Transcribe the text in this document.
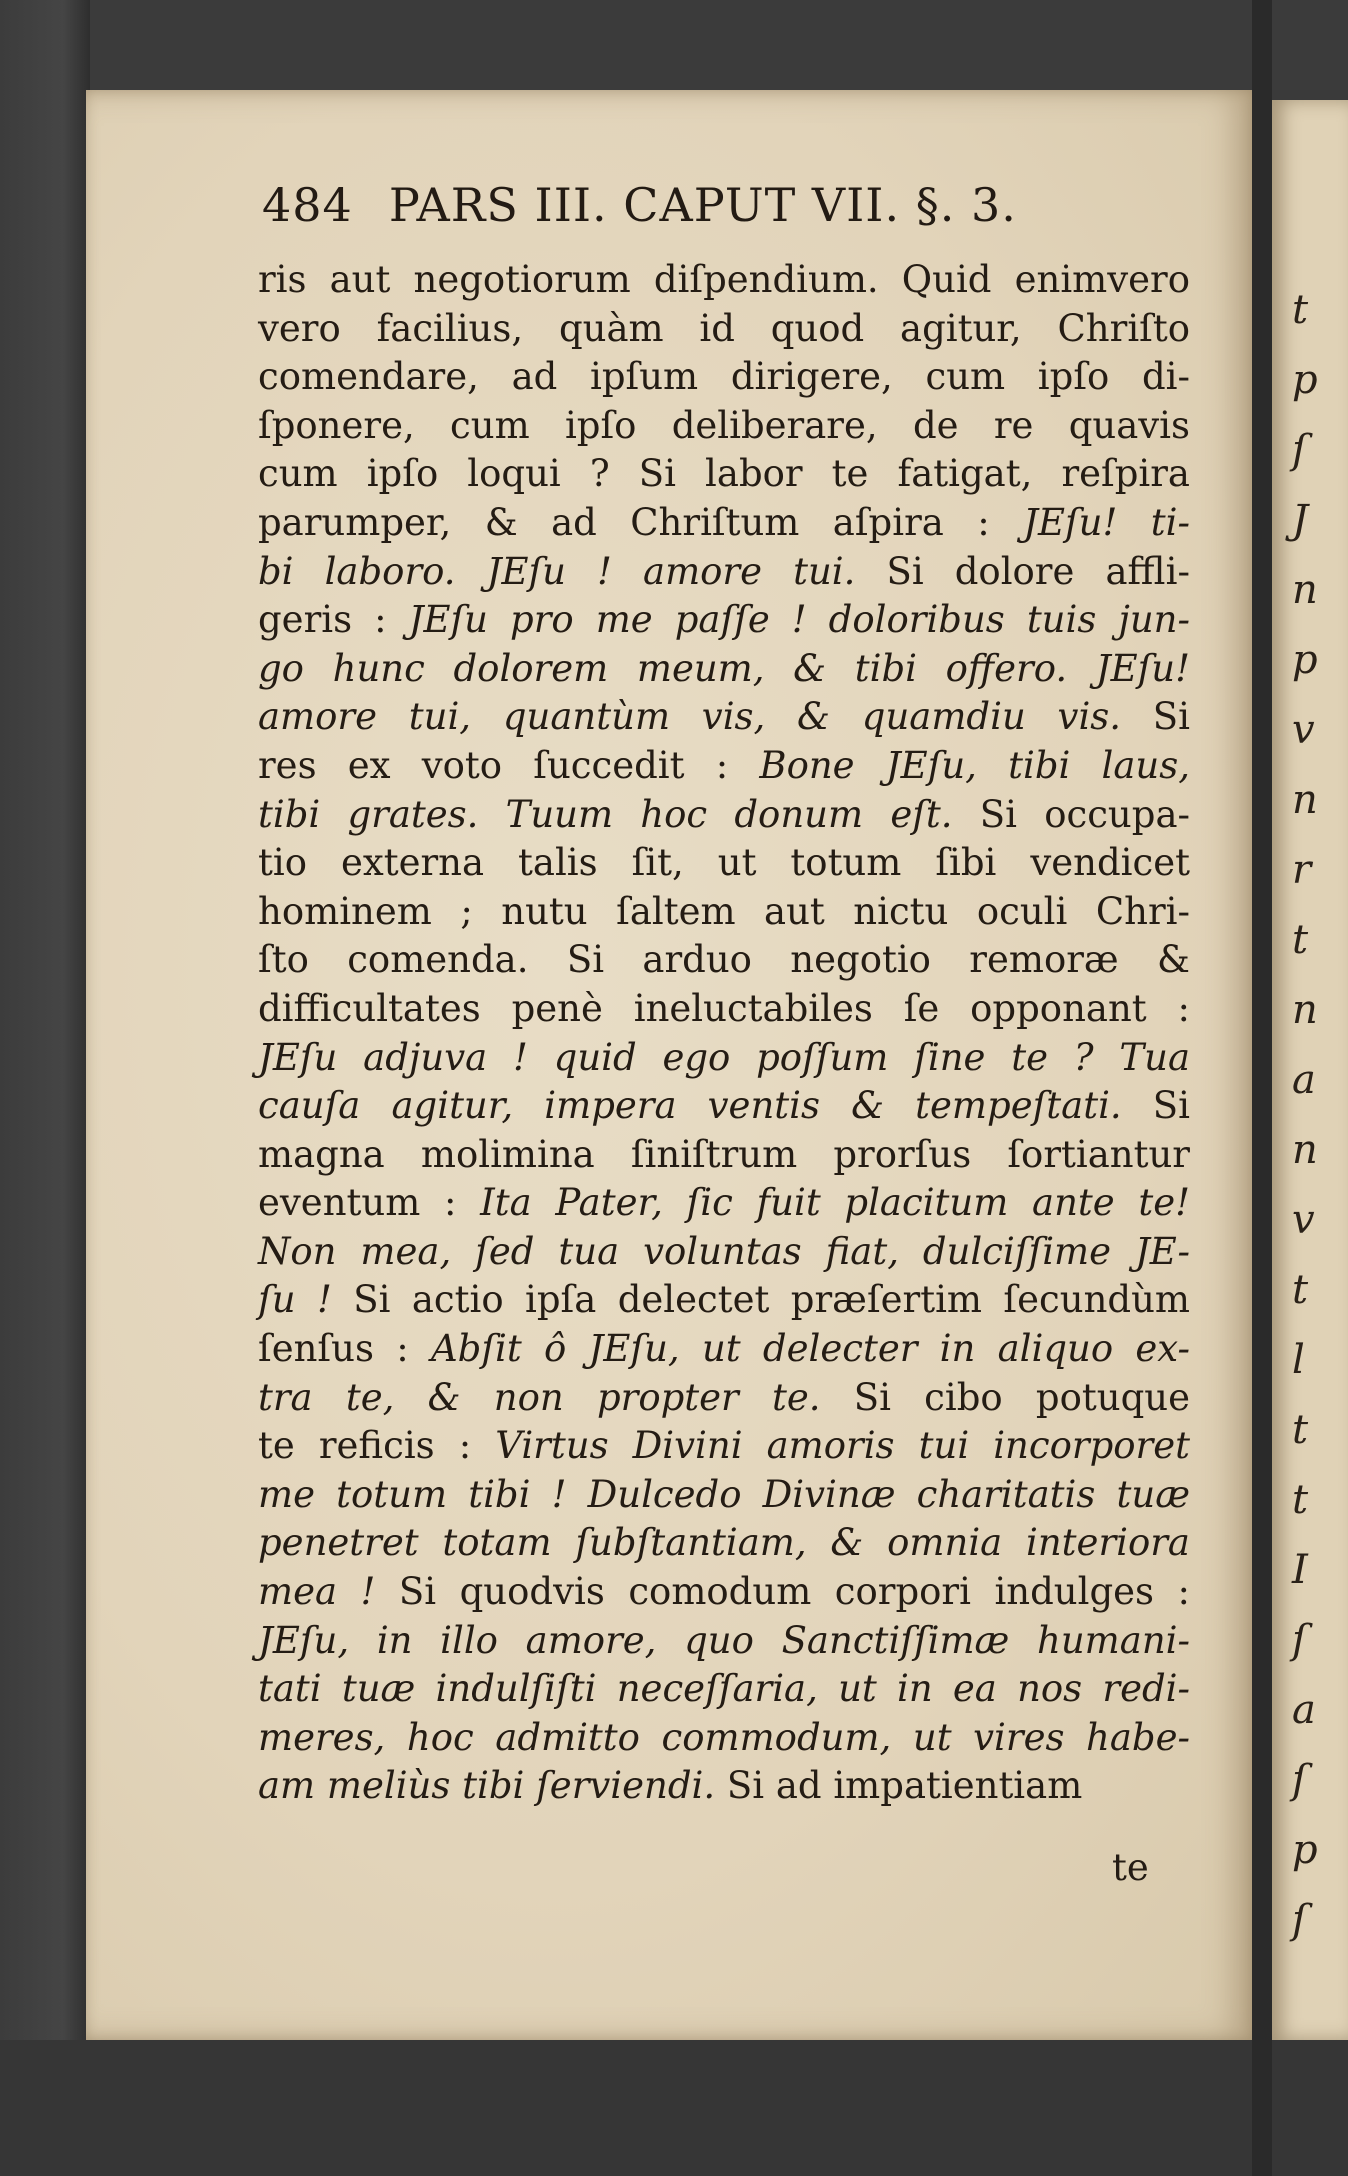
t
p
ſ
J
n
p
v
n
r
t
n
a
n
v
t
l
t
t
I
ſ
a
ſ
p
ſ
484 PARS III. CAPUT VII. §. 3.
ris aut negotiorum diſpendium. Quid enimvero
vero facilius, quàm id quod agitur, Chriſto
comendare, ad ipſum dirigere, cum ipſo di-
ſponere, cum ipſo deliberare, de re quavis
cum ipſo loqui ? Si labor te fatigat, reſpira
parumper, & ad Chriſtum aſpira : JEſu! ti-
bi laboro. JEſu ! amore tui. Si dolore affli-
geris : JEſu pro me paſſe ! doloribus tuis jun-
go hunc dolorem meum, & tibi offero. JEſu!
amore tui, quantùm vis, & quamdiu vis. Si
res ex voto ſuccedit : Bone JEſu, tibi laus,
tibi grates. Tuum hoc donum eſt. Si occupa-
tio externa talis ſit, ut totum ſibi vendicet
hominem ; nutu ſaltem aut nictu oculi Chri-
ſto comenda. Si arduo negotio remoræ &
difficultates penè ineluctabiles ſe opponant :
JEſu adjuva ! quid ego poſſum ſine te ? Tua
cauſa agitur, impera ventis & tempeſtati. Si
magna molimina ſiniſtrum prorſus ſortiantur
eventum : Ita Pater, ſic fuit placitum ante te!
Non mea, ſed tua voluntas fiat, dulciſſime JE-
ſu ! Si actio ipſa delectet præſertim ſecundùm
ſenſus : Abſit ô JEſu, ut delecter in aliquo ex-
tra te, & non propter te. Si cibo potuque
te reficis : Virtus Divini amoris tui incorporet
me totum tibi ! Dulcedo Divinæ charitatis tuæ
penetret totam ſubſtantiam, & omnia interiora
mea ! Si quodvis comodum corpori indulges :
JEſu, in illo amore, quo Sanctiſſimæ humani-
tati tuæ indulſiſti neceſſaria, ut in ea nos redi-
meres, hoc admitto commodum, ut vires habe-
am meliùs tibi ſerviendi. Si ad impatientiam
te
